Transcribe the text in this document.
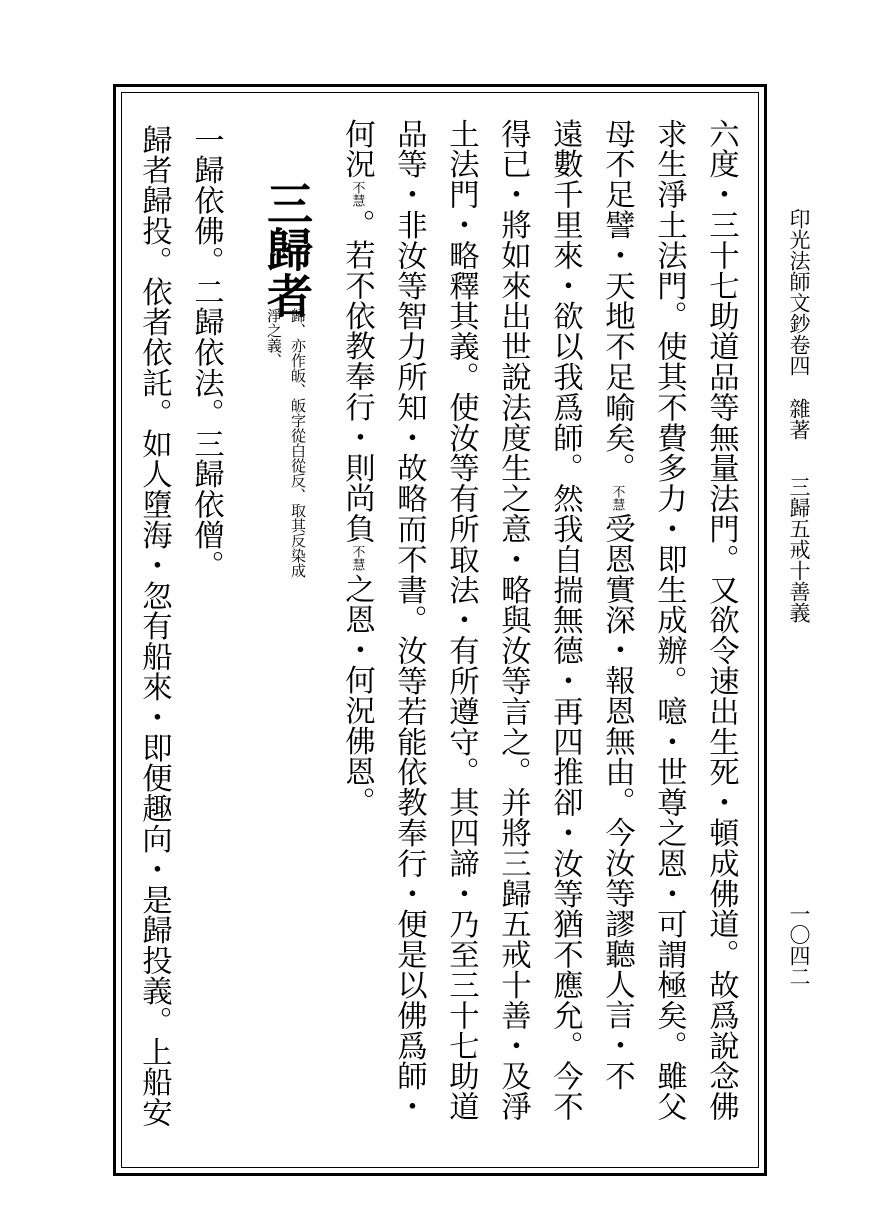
印光法師文鈔卷四雜著三歸五戒十善義
一〇四二
六度・三十七助道品等無量法門。又欲令速出生死・頓成佛道。故爲說念佛
求生淨土法門。使其不費多力・即生成辦。噫・世尊之恩・可謂極矣。雖父
母不足譬・天地不足喻矣。不慧受恩實深・報恩無由。今汝等謬聽人言・不
遠數千里來・欲以我爲師。然我自揣無德・再四推卻・汝等猶不應允。今不
得已・將如來出世說法度生之意・略與汝等言之。并將三歸五戒十善・及淨
土法門・略釋其義。使汝等有所取法・有所遵守。其四諦・乃至三十七助道
品等・非汝等智力所知・故略而不書。汝等若能依教奉行・便是以佛爲師・
何況不慧。若不依教奉行・則尚負不慧之恩・何況佛恩。
三歸者
歸、亦作皈、皈字從白從反、取其反染成淨之義、
一歸依佛。二歸依法。三歸依僧。
歸者歸投。依者依託。如人墮海・忽有船來・即便趣向・是歸投義。上船安
